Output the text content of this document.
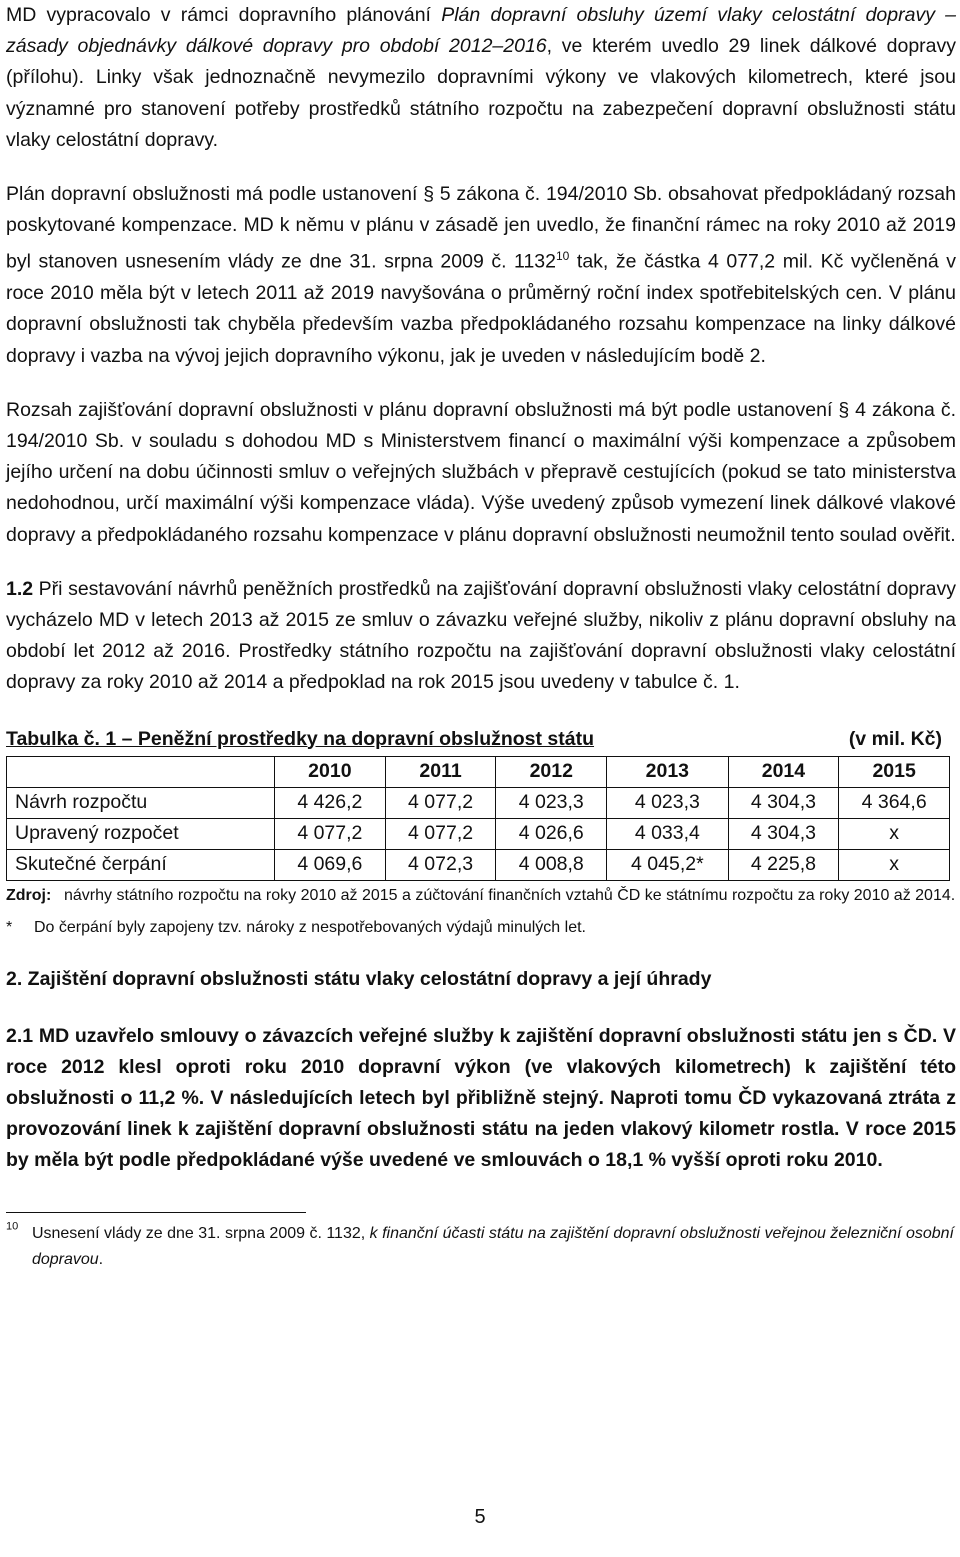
MD vypracovalo v rámci dopravního plánování Plán dopravní obsluhy území vlaky celostátní dopravy – zásady objednávky dálkové dopravy pro období 2012–2016, ve kterém uvedlo 29 linek dálkové dopravy (přílohu). Linky však jednoznačně nevymezilo dopravními výkony ve vlakových kilometrech, které jsou významné pro stanovení potřeby prostředků státního rozpočtu na zabezpečení dopravní obslužnosti státu vlaky celostátní dopravy.

Plán dopravní obslužnosti má podle ustanovení § 5 zákona č. 194/2010 Sb. obsahovat předpokládaný rozsah poskytované kompenzace. MD k němu v plánu v zásadě jen uvedlo, že finanční rámec na roky 2010 až 2019 byl stanoven usnesením vlády ze dne 31. srpna 2009 č. 1132$^{10}$ tak, že částka 4 077,2 mil. Kč vyčleněná v roce 2010 měla být v letech 2011 až 2019 navyšována o průměrný roční index spotřebitelských cen. V plánu dopravní obslužnosti tak chyběla především vazba předpokládaného rozsahu kompenzace na linky dálkové dopravy i vazba na vývoj jejich dopravního výkonu, jak je uveden v následujícím bodě 2.

Rozsah zajišťování dopravní obslužnosti v plánu dopravní obslužnosti má být podle ustanovení § 4 zákona č. 194/2010 Sb. v souladu s dohodou MD s Ministerstvem financí o maximální výši kompenzace a způsobem jejího určení na dobu účinnosti smluv o veřejných službách v přepravě cestujících (pokud se tato ministerstva nedohodnou, určí maximální výši kompenzace vláda). Výše uvedený způsob vymezení linek dálkové vlakové dopravy a předpokládaného rozsahu kompenzace v plánu dopravní obslužnosti neumožnil tento soulad ověřit.

1.2 Při sestavování návrhů peněžních prostředků na zajišťování dopravní obslužnosti vlaky celostátní dopravy vycházelo MD v letech 2013 až 2015 ze smluv o závazku veřejné služby, nikoliv z plánu dopravní obsluhy na období let 2012 až 2016. Prostředky státního rozpočtu na zajišťování dopravní obslužnosti vlaky celostátní dopravy za roky 2010 až 2014 a předpoklad na rok 2015 jsou uvedeny v tabulce č. 1.

Tabulka č. 1 – Peněžní prostředky na dopravní obslužnost státu	(v mil. Kč)
	2010	2011	2012	2013	2014	2015
Návrh rozpočtu	4 426,2	4 077,2	4 023,3	4 023,3	4 304,3	4 364,6
Upravený rozpočet	4 077,2	4 077,2	4 026,6	4 033,4	4 304,3	x
Skutečné čerpání	4 069,6	4 072,3	4 008,8	4 045,2*	4 225,8	x

Zdroj: návrhy státního rozpočtu na roky 2010 až 2015 a zúčtování finančních vztahů ČD ke státnímu rozpočtu za roky 2010 až 2014.

*	Do čerpání byly zapojeny tzv. nároky z nespotřebovaných výdajů minulých let.

2. Zajištění dopravní obslužnosti státu vlaky celostátní dopravy a její úhrady

2.1 MD uzavřelo smlouvy o závazcích veřejné služby k zajištění dopravní obslužnosti státu jen s ČD. V roce 2012 klesl oproti roku 2010 dopravní výkon (ve vlakových kilometrech) k zajištění této obslužnosti o 11,2 %. V následujících letech byl přibližně stejný. Naproti tomu ČD vykazovaná ztráta z provozování linek k zajištění dopravní obslužnosti státu na jeden vlakový kilometr rostla. V roce 2015 by měla být podle předpokládané výše uvedené ve smlouvách o 18,1 % vyšší oproti roku 2010.

$^{10}$ Usnesení vlády ze dne 31. srpna 2009 č. 1132, k finanční účasti státu na zajištění dopravní obslužnosti veřejnou železniční osobní dopravou.

5
